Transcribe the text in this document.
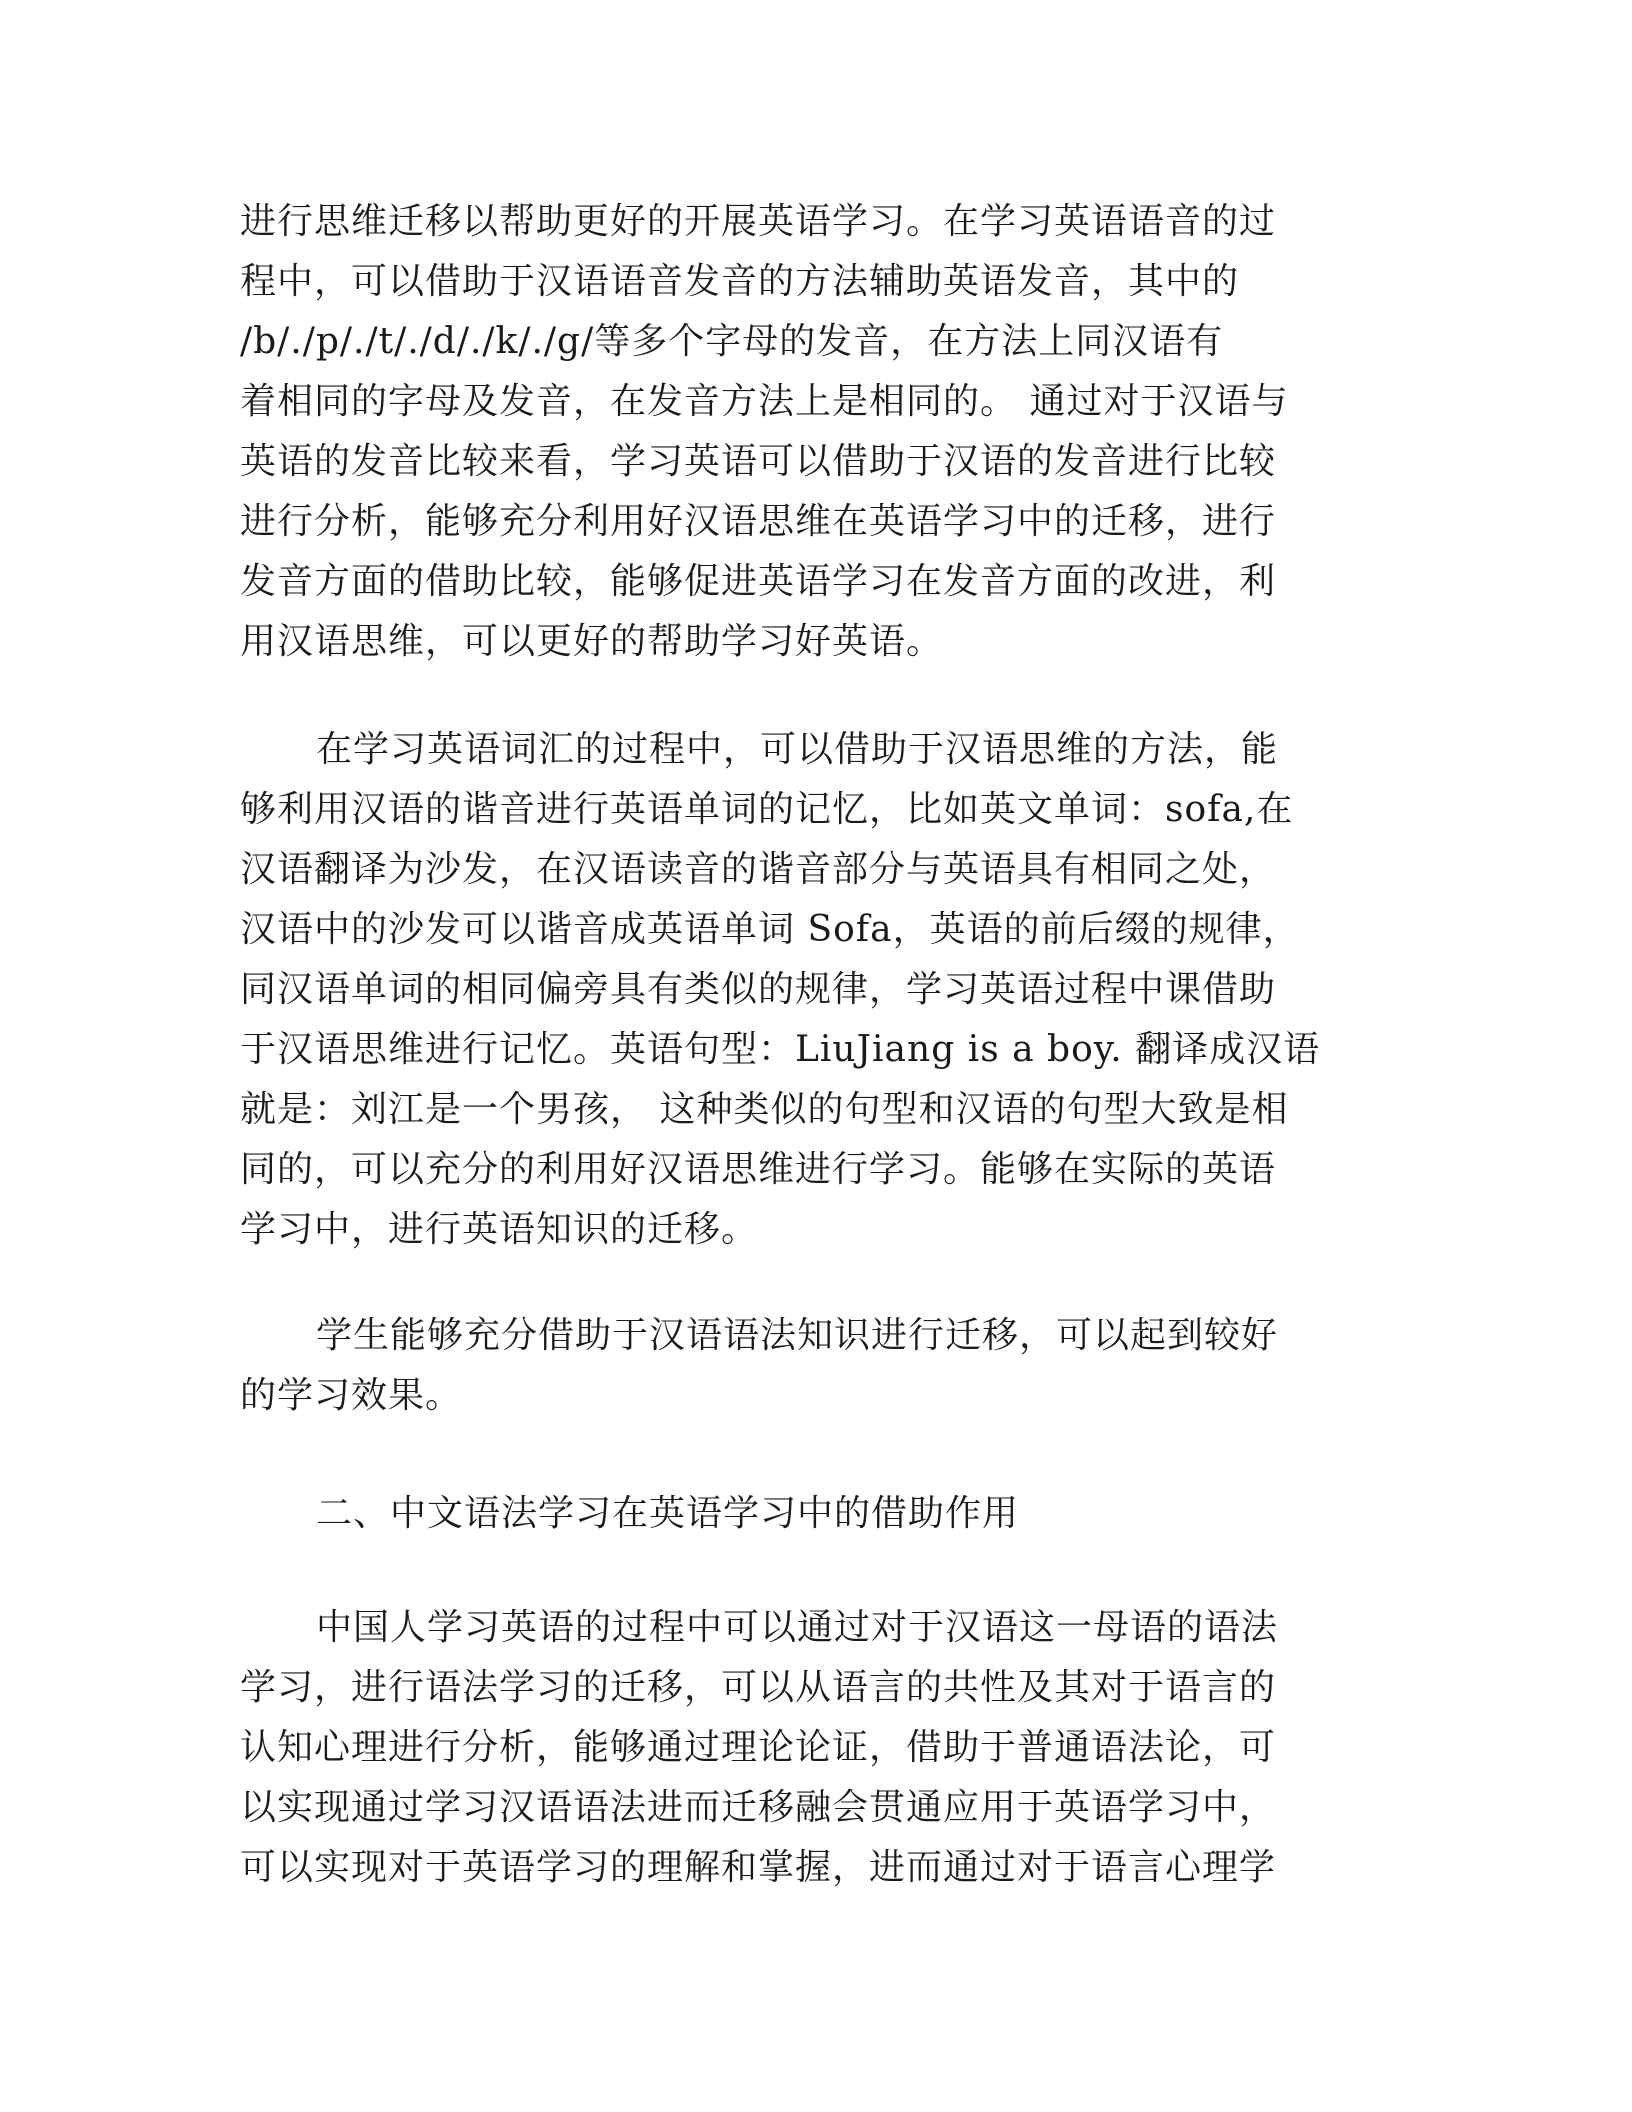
进行思维迁移以帮助更好的开展英语学习。在学习英语语音的过
程中，可以借助于汉语语音发音的方法辅助英语发音，其中的
/b/./p/./t/./d/./k/./g/等多个字母的发音，在方法上同汉语有
着相同的字母及发音，在发音方法上是相同的。 通过对于汉语与
英语的发音比较来看，学习英语可以借助于汉语的发音进行比较
进行分析，能够充分利用好汉语思维在英语学习中的迁移，进行
发音方面的借助比较，能够促进英语学习在发音方面的改进，利
用汉语思维，可以更好的帮助学习好英语。
在学习英语词汇的过程中，可以借助于汉语思维的方法，能
够利用汉语的谐音进行英语单词的记忆，比如英文单词：sofa,在
汉语翻译为沙发，在汉语读音的谐音部分与英语具有相同之处，
汉语中的沙发可以谐音成英语单词 Sofa，英语的前后缀的规律，
同汉语单词的相同偏旁具有类似的规律，学习英语过程中课借助
于汉语思维进行记忆。英语句型：LiuJiang is a boy. 翻译成汉语
就是：刘江是一个男孩， 这种类似的句型和汉语的句型大致是相
同的，可以充分的利用好汉语思维进行学习。能够在实际的英语
学习中，进行英语知识的迁移。
学生能够充分借助于汉语语法知识进行迁移，可以起到较好
的学习效果。
二、中文语法学习在英语学习中的借助作用
中国人学习英语的过程中可以通过对于汉语这一母语的语法
学习，进行语法学习的迁移，可以从语言的共性及其对于语言的
认知心理进行分析，能够通过理论论证，借助于普通语法论，可
以实现通过学习汉语语法进而迁移融会贯通应用于英语学习中，
可以实现对于英语学习的理解和掌握，进而通过对于语言心理学
